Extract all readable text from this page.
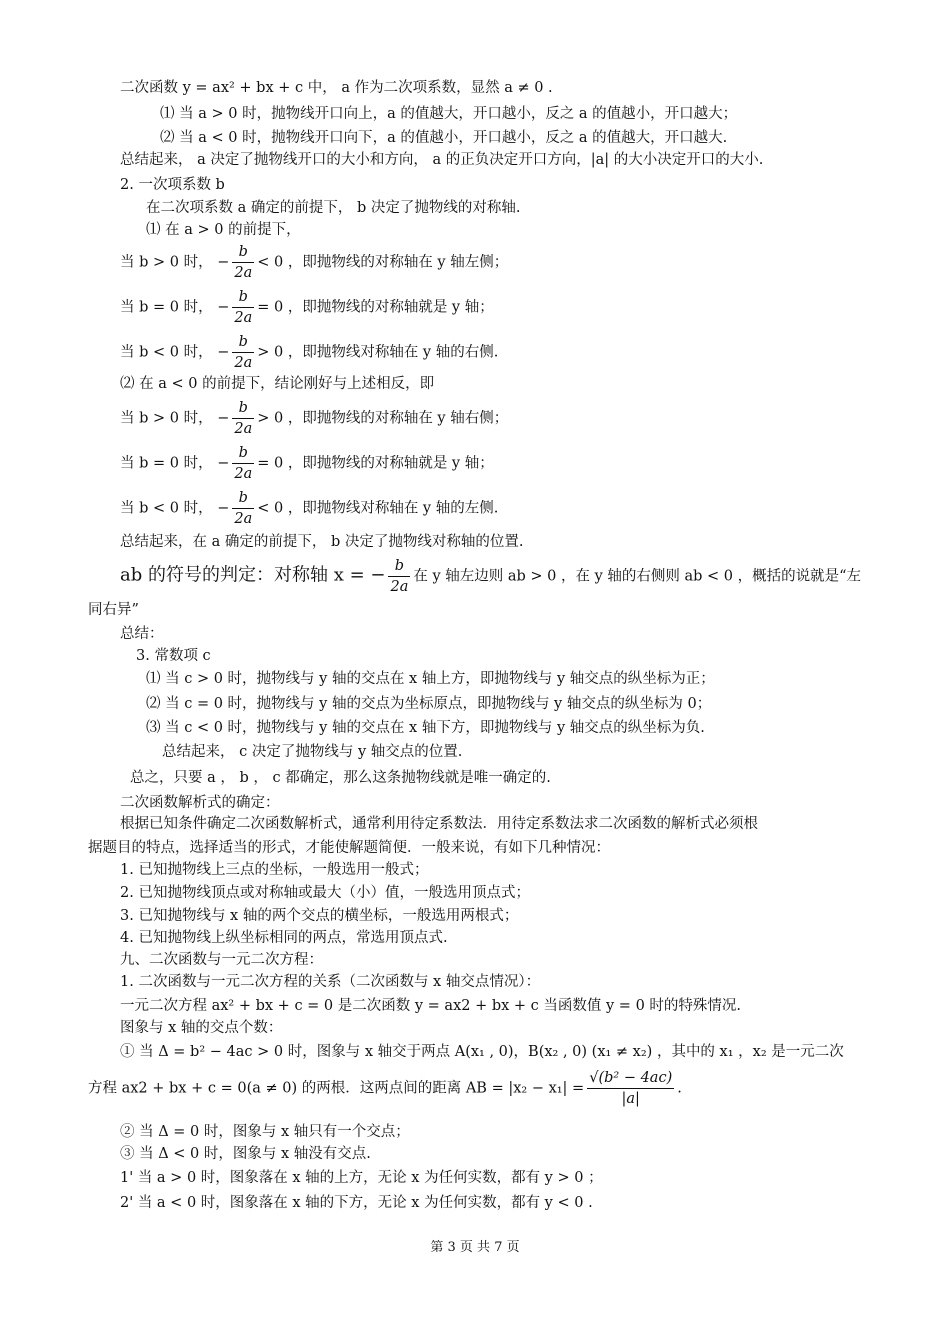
二次函数 y = ax² + bx + c 中， a 作为二次项系数，显然 a ≠ 0 .
⑴ 当 a > 0 时，抛物线开口向上，a 的值越大，开口越小，反之 a 的值越小，开口越大；
⑵ 当 a < 0 时，抛物线开口向下，a 的值越小，开口越小，反之 a 的值越大，开口越大.
总结起来， a 决定了抛物线开口的大小和方向， a 的正负决定开口方向，|a| 的大小决定开口的大小.
2. 一次项系数 b
在二次项系数 a 确定的前提下， b 决定了抛物线的对称轴.
⑴ 在 a > 0 的前提下，
当 b > 0 时， − $\frac{b}{2a} < 0$ ，即抛物线的对称轴在 y 轴左侧；
当 b = 0 时， − $\frac{b}{2a} = 0$ ，即抛物线的对称轴就是 y 轴；
当 b < 0 时， − $\frac{b}{2a} > 0$ ，即抛物线对称轴在 y 轴的右侧.
⑵ 在 a < 0 的前提下，结论刚好与上述相反，即
当 b > 0 时， − $\frac{b}{2a} > 0$ ，即抛物线的对称轴在 y 轴右侧；
当 b = 0 时， − $\frac{b}{2a} = 0$ ，即抛物线的对称轴就是 y 轴；
当 b < 0 时， − $\frac{b}{2a} < 0$ ，即抛物线对称轴在 y 轴的左侧.
总结起来，在 a 确定的前提下， b 决定了抛物线对称轴的位置.
ab 的符号的判定：对称轴 x = − $\frac{b}{2a}$ 在 y 轴左边则 ab > 0 ，在 y 轴的右侧则 ab < 0 ，概括的说就是“左
同右异”
总结：
3. 常数项 c
⑴ 当 c > 0 时，抛物线与 y 轴的交点在 x 轴上方，即抛物线与 y 轴交点的纵坐标为正；
⑵ 当 c = 0 时，抛物线与 y 轴的交点为坐标原点，即抛物线与 y 轴交点的纵坐标为 0；
⑶ 当 c < 0 时，抛物线与 y 轴的交点在 x 轴下方，即抛物线与 y 轴交点的纵坐标为负.
总结起来， c 决定了抛物线与 y 轴交点的位置.
总之，只要 a ， b ， c 都确定，那么这条抛物线就是唯一确定的.
二次函数解析式的确定：
根据已知条件确定二次函数解析式，通常利用待定系数法．用待定系数法求二次函数的解析式必须根
据题目的特点，选择适当的形式，才能使解题简便．一般来说，有如下几种情况：
1. 已知抛物线上三点的坐标，一般选用一般式；
2. 已知抛物线顶点或对称轴或最大（小）值，一般选用顶点式；
3. 已知抛物线与 x 轴的两个交点的横坐标，一般选用两根式；
4. 已知抛物线上纵坐标相同的两点，常选用顶点式.
九、二次函数与一元二次方程：
1. 二次函数与一元二次方程的关系（二次函数与 x 轴交点情况）：
一元二次方程 ax² + bx + c = 0 是二次函数 y = ax2 + bx + c 当函数值 y = 0 时的特殊情况.
图象与 x 轴的交点个数：
① 当 Δ = b² − 4ac > 0 时，图象与 x 轴交于两点 A(x₁ , 0)，B(x₂ , 0) (x₁ ≠ x₂) ，其中的 x₁ ，x₂ 是一元二次
方程 ax2 + bx + c = 0(a ≠ 0) 的两根．这两点间的距离 AB = $|x_2 - x_1| = \frac{\text{√(b² − 4ac)}}{|a|}$ .
② 当 Δ = 0 时，图象与 x 轴只有一个交点；
③ 当 Δ < 0 时，图象与 x 轴没有交点.
1' 当 a > 0 时，图象落在 x 轴的上方，无论 x 为任何实数，都有 y > 0 ；
2' 当 a < 0 时，图象落在 x 轴的下方，无论 x 为任何实数，都有 y < 0 .
第 3 页 共 7 页
